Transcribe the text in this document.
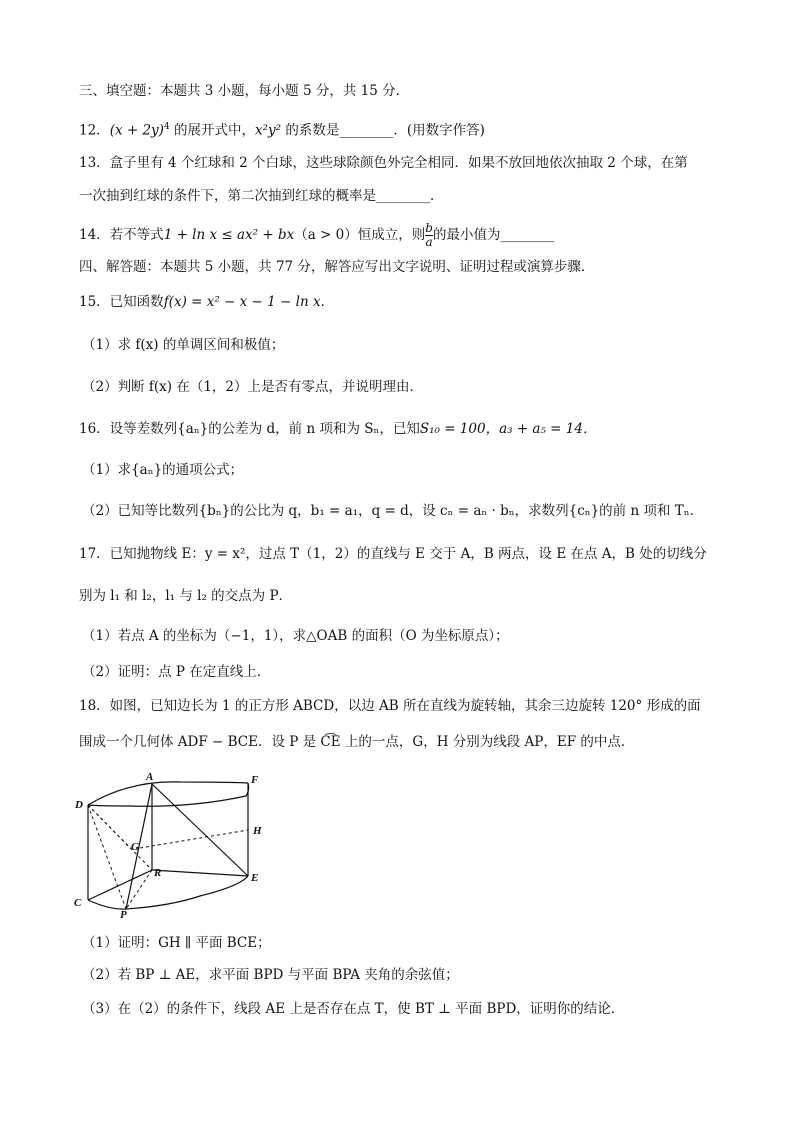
三、填空题：本题共 3 小题，每小题 5 分，共 15 分．
12．$(x + 2y)^4$ 的展开式中，x²y² 的系数是________．(用数字作答)
13．盒子里有 4 个红球和 2 个白球，这些球除颜色外完全相同．如果不放回地依次抽取 2 个球，在第
一次抽到红球的条件下，第二次抽到红球的概率是________．
14．若不等式1 + ln x ≤ ax² + bx（a > 0）恒成立，则 $\frac{b}{a}$ 的最小值为________
四、解答题：本题共 5 小题，共 77 分，解答应写出文字说明、证明过程或演算步骤．
15．已知函数f(x) = x² − x − 1 − ln x．
（1）求 f(x) 的单调区间和极值；
（2）判断 f(x) 在（1，2）上是否有零点，并说明理由．
16．设等差数列{aₙ}的公差为 d，前 n 项和为 Sₙ，已知S₁₀ = 100，a₃ + a₅ = 14．
（1）求{aₙ}的通项公式；
（2）已知等比数列{bₙ}的公比为 q，b₁ = a₁，q = d，设 cₙ = aₙ · bₙ，求数列{cₙ}的前 n 项和 Tₙ．
17．已知抛物线 E：y = x²，过点 T（1，2）的直线与 E 交于 A，B 两点，设 E 在点 A，B 处的切线分
别为 l₁ 和 l₂，l₁ 与 l₂ 的交点为 P．
（1）若点 A 的坐标为（−1，1），求△OAB 的面积（O 为坐标原点）；
（2）证明：点 P 在定直线上．
18．如图，已知边长为 1 的正方形 ABCD，以边 AB 所在直线为旋转轴，其余三边旋转 120° 形成的面
围成一个几何体 ADF − BCE．设 P 是 C͡E 上的一点，G，H 分别为线段 AP，EF 的中点．
A	F
D
H
G
R	E
C
P
（1）证明：GH ∥ 平面 BCE；
（2）若 BP ⊥ AE，求平面 BPD 与平面 BPA 夹角的余弦值；
（3）在（2）的条件下，线段 AE 上是否存在点 T，使 BT ⊥ 平面 BPD，证明你的结论．
